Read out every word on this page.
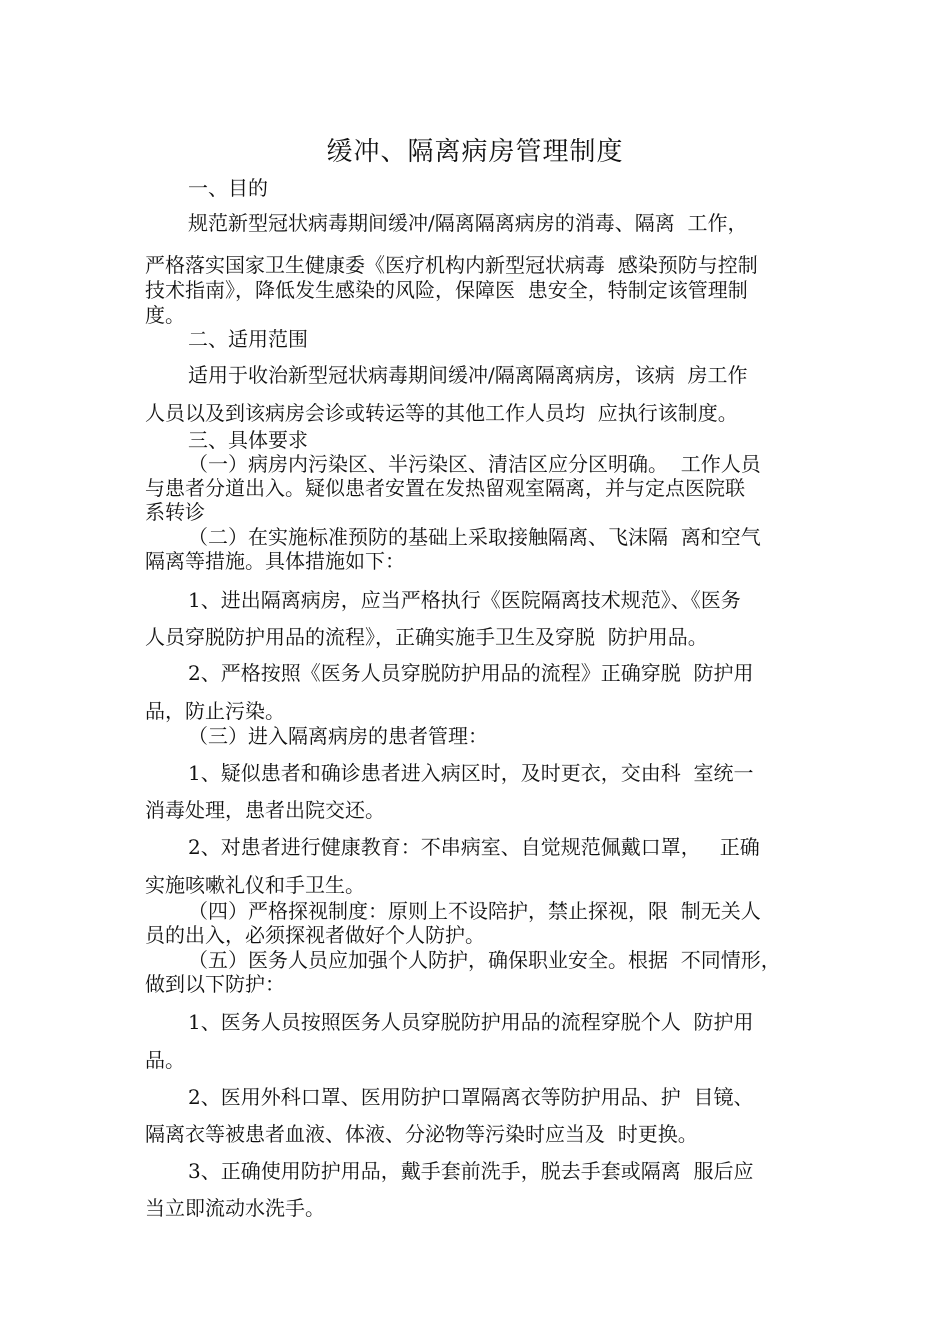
缓冲、隔离病房管理制度
一、目的
规范新型冠状病毒期间缓冲/隔离隔离病房的消毒、隔离  工作，
严格落实国家卫生健康委《医疗机构内新型冠状病毒  感染预防与控制
技术指南》，降低发生感染的风险，保障医  患安全，特制定该管理制
度。
二、适用范围
适用于收治新型冠状病毒期间缓冲/隔离隔离病房，该病  房工作
人员以及到该病房会诊或转运等的其他工作人员均  应执行该制度。
三、具体要求
（一）病房内污染区、半污染区、清洁区应分区明确。  工作人员
与患者分道出入。疑似患者安置在发热留观室隔离，并与定点医院联
系转诊
（二）在实施标准预防的基础上采取接触隔离、飞沫隔  离和空气
隔离等措施。具体措施如下：
1、进出隔离病房，应当严格执行《医院隔离技术规范》、《医务
人员穿脱防护用品的流程》，正确实施手卫生及穿脱  防护用品。
2、严格按照《医务人员穿脱防护用品的流程》正确穿脱  防护用
品，防止污染。
（三）进入隔离病房的患者管理：
1、疑似患者和确诊患者进入病区时，及时更衣，交由科  室统一
消毒处理，患者出院交还。
2、对患者进行健康教育：不串病室、自觉规范佩戴口罩，   正确
实施咳嗽礼仪和手卫生。
（四）严格探视制度：原则上不设陪护，禁止探视，限  制无关人
员的出入，必须探视者做好个人防护。
（五）医务人员应加强个人防护，确保职业安全。根据  不同情形，
做到以下防护：
1、医务人员按照医务人员穿脱防护用品的流程穿脱个人  防护用
品。
2、医用外科口罩、医用防护口罩隔离衣等防护用品、护  目镜、
隔离衣等被患者血液、体液、分泌物等污染时应当及  时更换。
3、正确使用防护用品，戴手套前洗手，脱去手套或隔离  服后应
当立即流动水洗手。
